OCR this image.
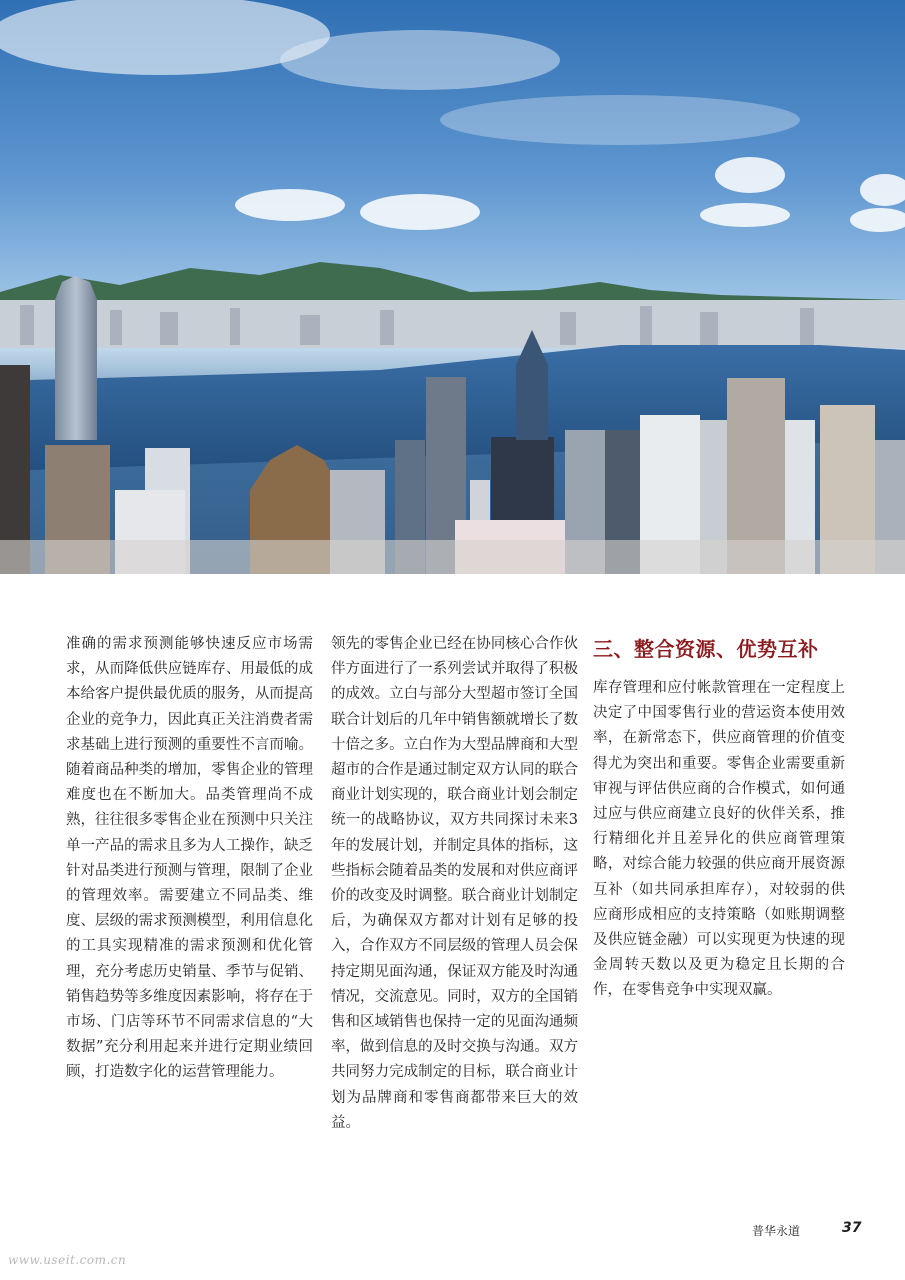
准确的需求预测能够快速反应市场需求，从而降低供应链库存、用最低的成本给客户提供最优质的服务，从而提高企业的竞争力，因此真正关注消费者需求基础上进行预测的重要性不言而喻。随着商品种类的增加，零售企业的管理难度也在不断加大。品类管理尚不成熟，往往很多零售企业在预测中只关注单一产品的需求且多为人工操作，缺乏针对品类进行预测与管理，限制了企业的管理效率。需要建立不同品类、维度、层级的需求预测模型，利用信息化的工具实现精准的需求预测和优化管理，充分考虑历史销量、季节与促销、销售趋势等多维度因素影响，将存在于市场、门店等环节不同需求信息的“大数据”充分利用起来并进行定期业绩回顾，打造数字化的运营管理能力。
领先的零售企业已经在协同核心合作伙伴方面进行了一系列尝试并取得了积极的成效。立白与部分大型超市签订全国联合计划后的几年中销售额就增长了数十倍之多。立白作为大型品牌商和大型超市的合作是通过制定双方认同的联合商业计划实现的，联合商业计划会制定统一的战略协议，双方共同探讨未来3年的发展计划，并制定具体的指标，这些指标会随着品类的发展和对供应商评价的改变及时调整。联合商业计划制定后，为确保双方都对计划有足够的投入，合作双方不同层级的管理人员会保持定期见面沟通，保证双方能及时沟通情况，交流意见。同时，双方的全国销售和区域销售也保持一定的见面沟通频率，做到信息的及时交换与沟通。双方共同努力完成制定的目标，联合商业计划为品牌商和零售商都带来巨大的效益。
三、整合资源、优势互补
库存管理和应付帐款管理在一定程度上决定了中国零售行业的营运资本使用效率，在新常态下，供应商管理的价值变得尤为突出和重要。零售企业需要重新审视与评估供应商的合作模式，如何通过应与供应商建立良好的伙伴关系，推行精细化并且差异化的供应商管理策略，对综合能力较强的供应商开展资源互补（如共同承担库存），对较弱的供应商形成相应的支持策略（如账期调整及供应链金融）可以实现更为快速的现金周转天数以及更为稳定且长期的合作，在零售竞争中实现双赢。
普华永道	37
www.useit.com.cn
